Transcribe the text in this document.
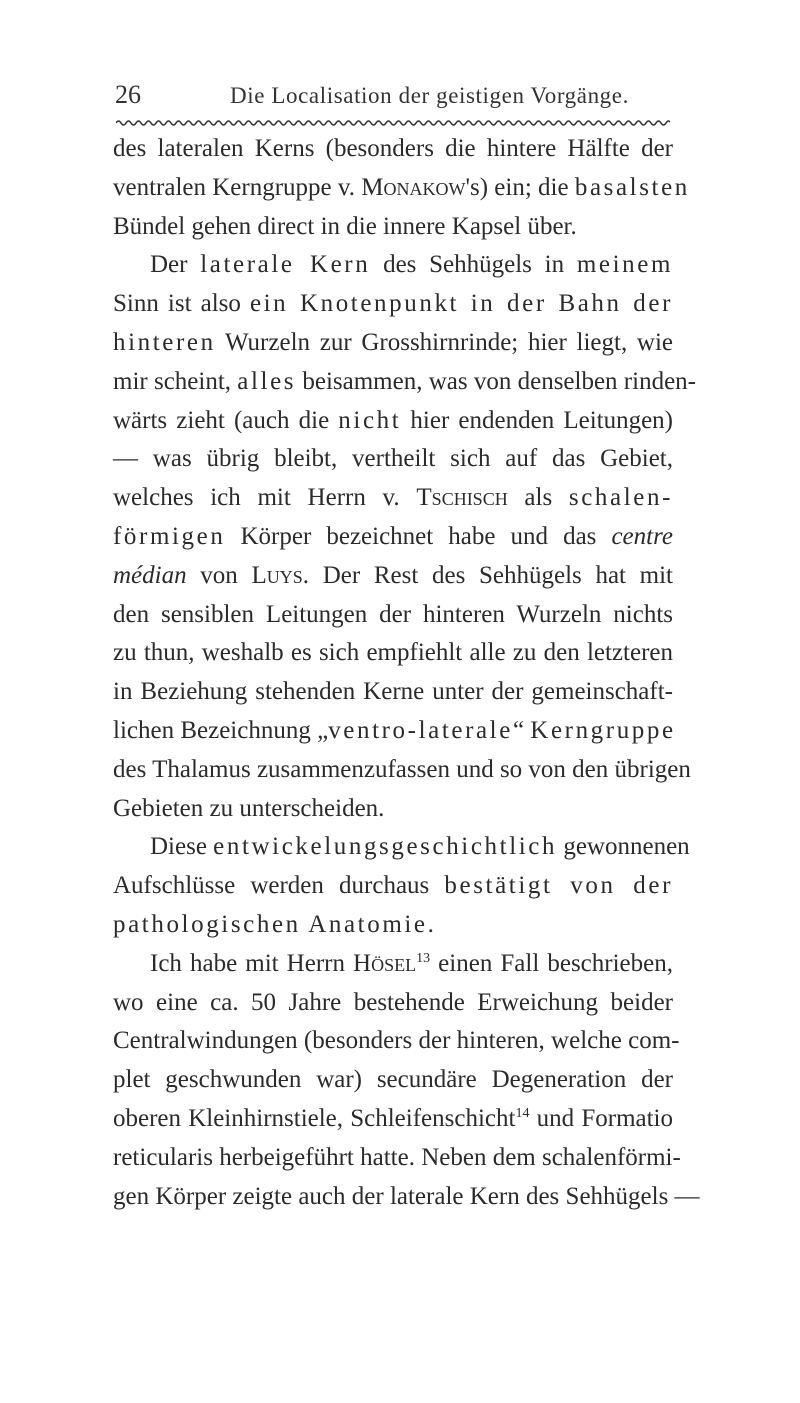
26	Die Localisation der geistigen Vorgänge.
des lateralen Kerns (besonders die hintere Hälfte der
ventralen Kerngruppe v. Monakow's) ein; die basalsten
Bündel gehen direct in die innere Kapsel über.
Der laterale Kern des Sehhügels in meinem
Sinn ist also ein Knotenpunkt in der Bahn der
hinteren Wurzeln zur Grosshirnrinde; hier liegt, wie
mir scheint, alles beisammen, was von denselben rinden-
wärts zieht (auch die nicht hier endenden Leitungen)
— was übrig bleibt, vertheilt sich auf das Gebiet,
welches ich mit Herrn v. Tschisch als schalen-
förmigen Körper bezeichnet habe und das centre
médian von Luys. Der Rest des Sehhügels hat mit
den sensiblen Leitungen der hinteren Wurzeln nichts
zu thun, weshalb es sich empfiehlt alle zu den letzteren
in Beziehung stehenden Kerne unter der gemeinschaft-
lichen Bezeichnung „ventro-laterale“ Kerngruppe
des Thalamus zusammenzufassen und so von den übrigen
Gebieten zu unterscheiden.
Diese entwickelungsgeschichtlich gewonnenen
Aufschlüsse werden durchaus bestätigt von der
pathologischen Anatomie.
Ich habe mit Herrn Hösel$^{13}$ einen Fall beschrieben,
wo eine ca. 50 Jahre bestehende Erweichung beider
Centralwindungen (besonders der hinteren, welche com-
plet geschwunden war) secundäre Degeneration der
oberen Kleinhirnstiele, Schleifenschicht$^{14}$ und Formatio
reticularis herbeigeführt hatte. Neben dem schalenförmi-
gen Körper zeigte auch der laterale Kern des Sehhügels —
